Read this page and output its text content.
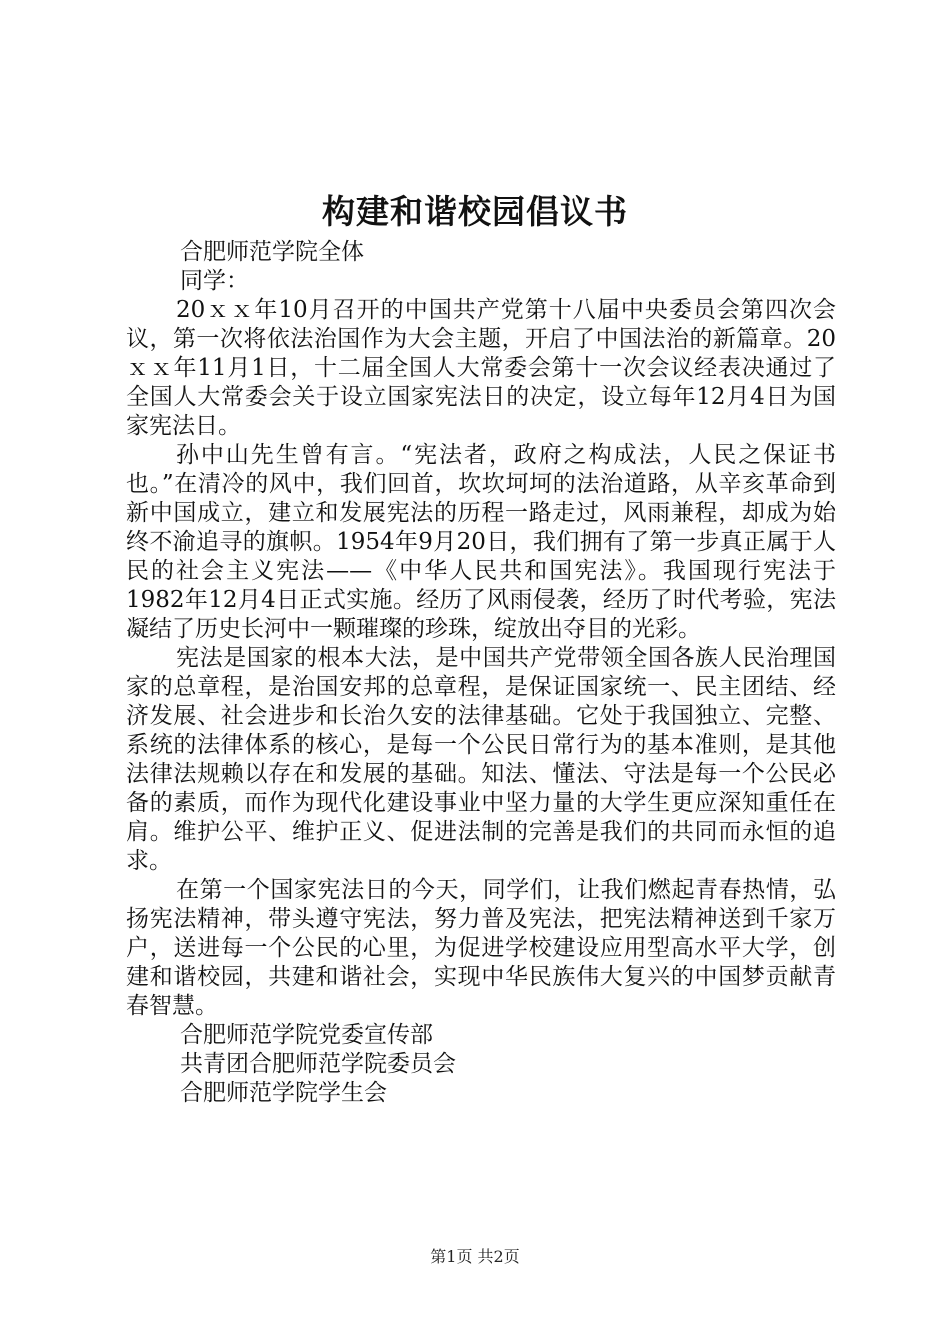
构建和谐校园倡议书

合肥师范学院全体

同学：

20ｘｘ年10月召开的中国共产党第十八届中央委员会第四次会议，第一次将依法治国作为大会主题，开启了中国法治的新篇章。20ｘｘ年11月1日，十二届全国人大常委会第十一次会议经表决通过了全国人大常委会关于设立国家宪法日的决定，设立每年12月4日为国家宪法日。

孙中山先生曾有言。“宪法者，政府之构成法，人民之保证书也。”在清冷的风中，我们回首，坎坎坷坷的法治道路，从辛亥革命到新中国成立，建立和发展宪法的历程一路走过，风雨兼程，却成为始终不渝追寻的旗帜。1954年9月20日，我们拥有了第一步真正属于人民的社会主义宪法——《中华人民共和国宪法》。我国现行宪法于1982年12月4日正式实施。经历了风雨侵袭，经历了时代考验，宪法凝结了历史长河中一颗璀璨的珍珠，绽放出夺目的光彩。

宪法是国家的根本大法，是中国共产党带领全国各族人民治理国家的总章程，是治国安邦的总章程，是保证国家统一、民主团结、经济发展、社会进步和长治久安的法律基础。它处于我国独立、完整、系统的法律体系的核心，是每一个公民日常行为的基本准则，是其他法律法规赖以存在和发展的基础。知法、懂法、守法是每一个公民必备的素质，而作为现代化建设事业中坚力量的大学生更应深知重任在肩。维护公平、维护正义、促进法制的完善是我们的共同而永恒的追求。

在第一个国家宪法日的今天，同学们，让我们燃起青春热情，弘扬宪法精神，带头遵守宪法，努力普及宪法，把宪法精神送到千家万户，送进每一个公民的心里，为促进学校建设应用型高水平大学，创建和谐校园，共建和谐社会，实现中华民族伟大复兴的中国梦贡献青春智慧。

合肥师范学院党委宣传部

共青团合肥师范学院委员会

合肥师范学院学生会

第1页 共2页
